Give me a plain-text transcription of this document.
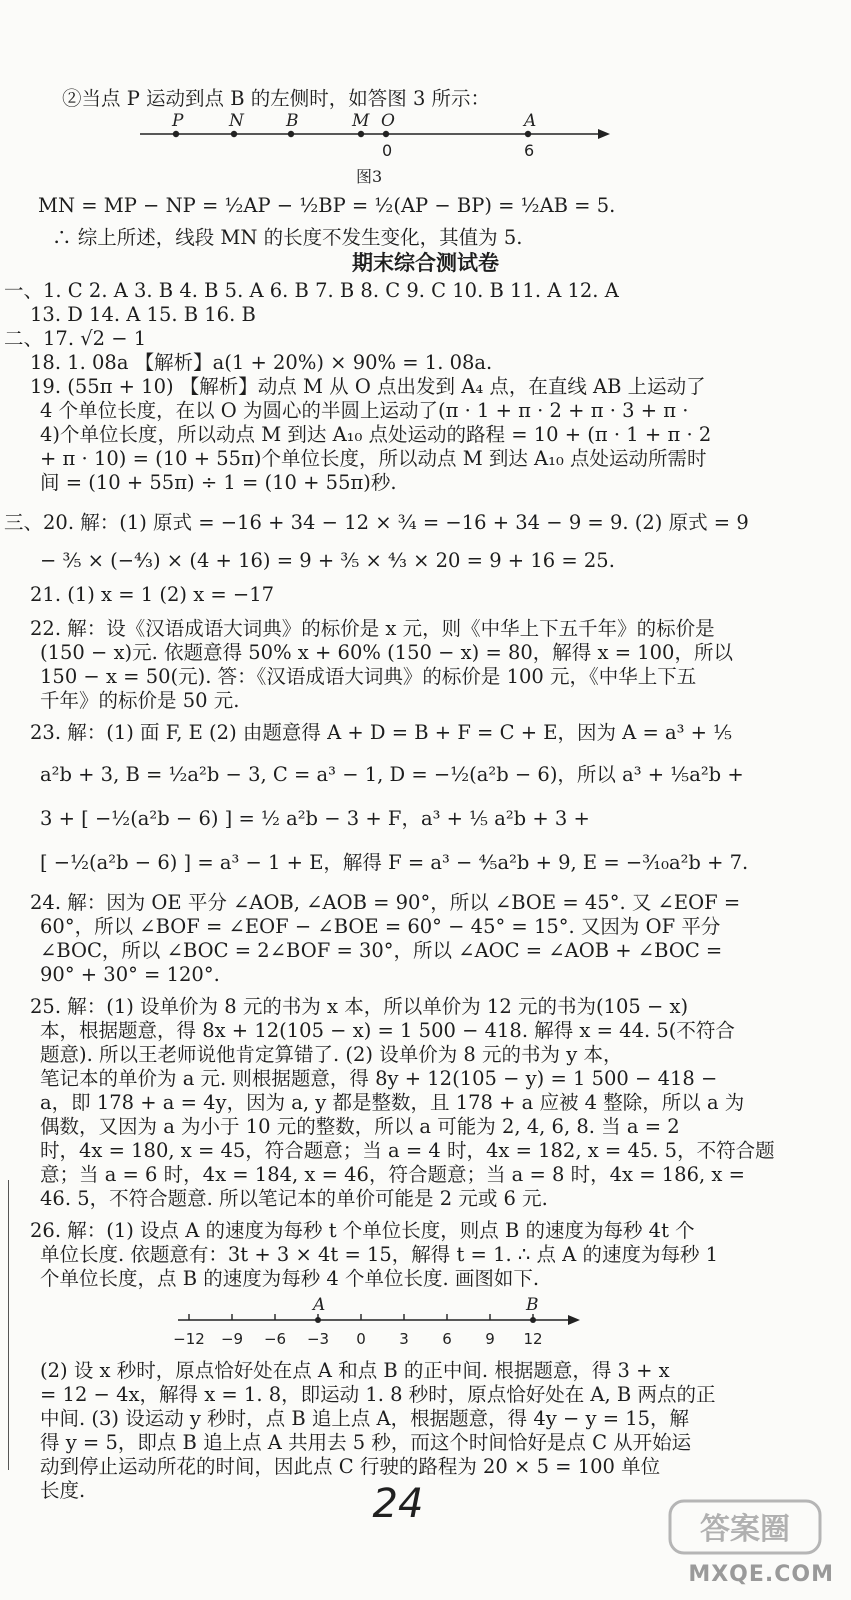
②当点 P 运动到点 B 的左侧时，如答图 3 所示：
P	N B	M O	A
0	6
图3
MN = MP − NP = ½AP − ½BP = ½(AP − BP) = ½AB = 5.
∴ 综上所述，线段 MN 的长度不发生变化，其值为 5.
期末综合测试卷
一、1. C 2. A 3. B 4. B 5. A 6. B 7. B 8. C 9. C 10. B 11. A 12. A
13. D 14. A 15. B 16. B
二、17. √2 − 1
18. 1. 08a 【解析】a(1 + 20%) × 90% = 1. 08a.
19. (55π + 10) 【解析】动点 M 从 O 点出发到 A₄ 点，在直线 AB 上运动了
4 个单位长度，在以 O 为圆心的半圆上运动了(π · 1 + π · 2 + π · 3 + π ·
4)个单位长度，所以动点 M 到达 A₁₀ 点处运动的路程 = 10 + (π · 1 + π · 2
+ π · 10) = (10 + 55π)个单位长度，所以动点 M 到达 A₁₀ 点处运动所需时
间 = (10 + 55π) ÷ 1 = (10 + 55π)秒.
三、20. 解：(1) 原式 = −16 + 34 − 12 × ¾ = −16 + 34 − 9 = 9. (2) 原式 = 9
− ³⁄₅ × (−⁴⁄₃) × (4 + 16) = 9 + ³⁄₅ × ⁴⁄₃ × 20 = 9 + 16 = 25.
21. (1) x = 1 (2) x = −17
22. 解：设《汉语成语大词典》的标价是 x 元，则《中华上下五千年》的标价是
(150 − x)元. 依题意得 50% x + 60% (150 − x) = 80，解得 x = 100，所以
150 − x = 50(元). 答：《汉语成语大词典》的标价是 100 元，《中华上下五
千年》的标价是 50 元.
23. 解：(1) 面 F, E (2) 由题意得 A + D = B + F = C + E，因为 A = a³ + ⅕
a²b + 3, B = ½a²b − 3, C = a³ − 1, D = −½(a²b − 6)，所以 a³ + ⅕a²b +
3 + [ −½(a²b − 6) ] = ½ a²b − 3 + F，a³ + ⅕ a²b + 3 +
[ −½(a²b − 6) ] = a³ − 1 + E，解得 F = a³ − ⁴⁄₅a²b + 9, E = −³⁄₁₀a²b + 7.
24. 解：因为 OE 平分 ∠AOB, ∠AOB = 90°，所以 ∠BOE = 45°. 又 ∠EOF =
60°，所以 ∠BOF = ∠EOF − ∠BOE = 60° − 45° = 15°. 又因为 OF 平分
∠BOC，所以 ∠BOC = 2∠BOF = 30°，所以 ∠AOC = ∠AOB + ∠BOC =
90° + 30° = 120°.
25. 解：(1) 设单价为 8 元的书为 x 本，所以单价为 12 元的书为(105 − x)
本，根据题意，得 8x + 12(105 − x) = 1 500 − 418. 解得 x = 44. 5(不符合
题意). 所以王老师说他肯定算错了. (2) 设单价为 8 元的书为 y 本，
笔记本的单价为 a 元. 则根据题意，得 8y + 12(105 − y) = 1 500 − 418 −
a，即 178 + a = 4y，因为 a, y 都是整数，且 178 + a 应被 4 整除，所以 a 为
偶数，又因为 a 为小于 10 元的整数，所以 a 可能为 2, 4, 6, 8. 当 a = 2
时，4x = 180, x = 45，符合题意；当 a = 4 时，4x = 182, x = 45. 5，不符合题
意；当 a = 6 时，4x = 184, x = 46，符合题意；当 a = 8 时，4x = 186, x =
46. 5，不符合题意. 所以笔记本的单价可能是 2 元或 6 元.
26. 解：(1) 设点 A 的速度为每秒 t 个单位长度，则点 B 的速度为每秒 4t 个
单位长度. 依题意有：3t + 3 × 4t = 15，解得 t = 1. ∴ 点 A 的速度为每秒 1
个单位长度，点 B 的速度为每秒 4 个单位长度. 画图如下.
A	B
−12 −9 −6 −3 0 3 6 9 12
(2) 设 x 秒时，原点恰好处在点 A 和点 B 的正中间. 根据题意，得 3 + x
= 12 − 4x，解得 x = 1. 8，即运动 1. 8 秒时，原点恰好处在 A, B 两点的正
中间. (3) 设运动 y 秒时，点 B 追上点 A，根据题意，得 4y − y = 15，解
得 y = 5，即点 B 追上点 A 共用去 5 秒，而这个时间恰好是点 C 从开始运
动到停止运动所花的时间，因此点 C 行驶的路程为 20 × 5 = 100 单位
长度.	24
答案圈
MXQE.COM
